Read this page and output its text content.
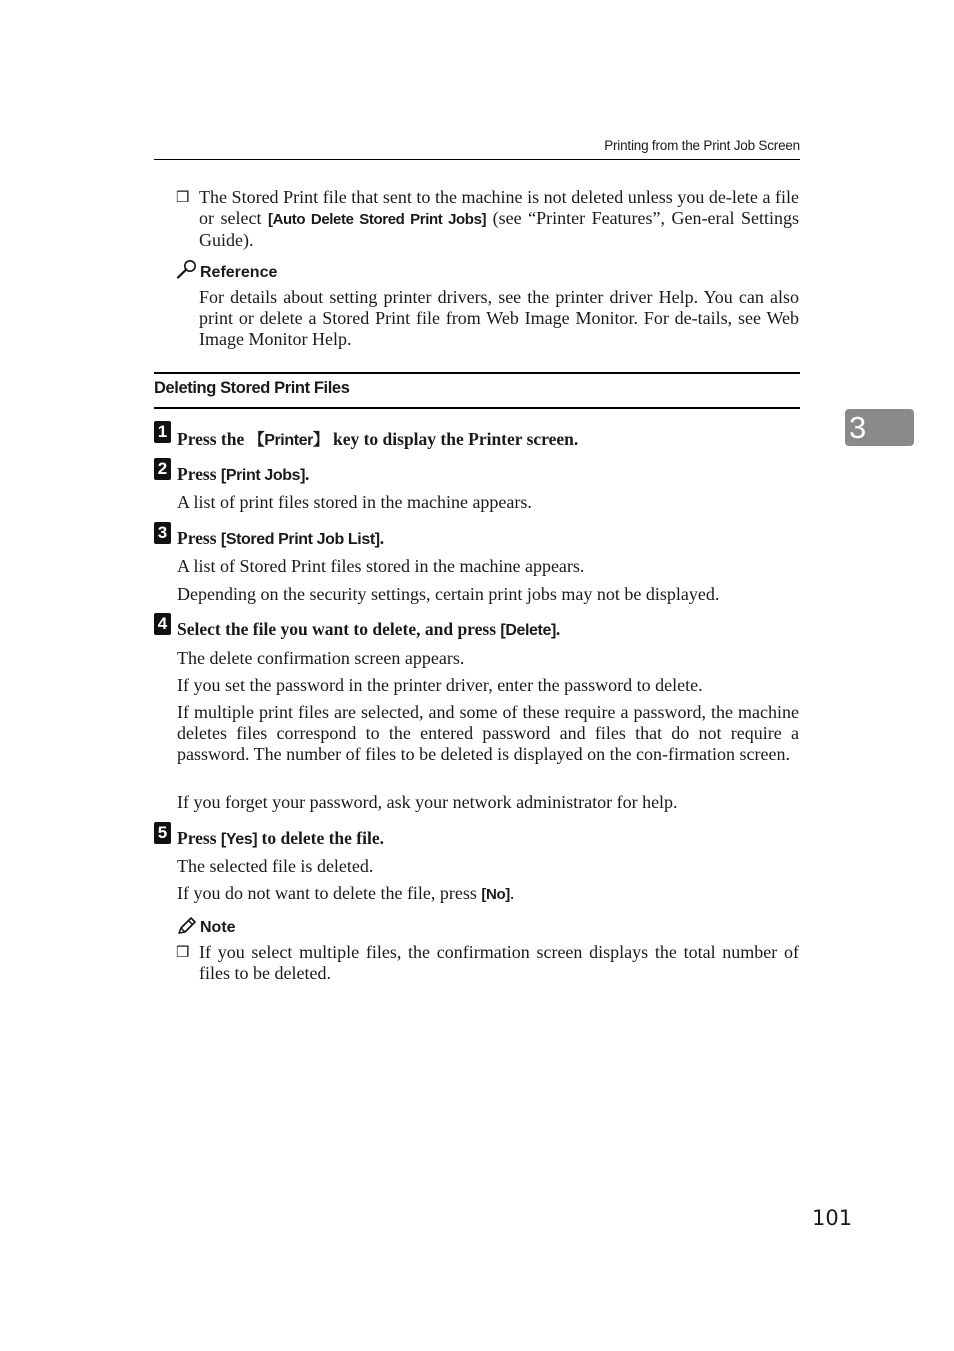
Printing from the Print Job Screen
❒ The Stored Print file that sent to the machine is not deleted unless you de-lete a file or select [Auto Delete Stored Print Jobs] (see “Printer Features”, Gen-eral Settings Guide).
Reference
For details about setting printer drivers, see the printer driver Help. You can also print or delete a Stored Print file from Web Image Monitor. For de-tails, see Web Image Monitor Help.
Deleting Stored Print Files
3
1 Press the 【Printer】 key to display the Printer screen.
2 Press [Print Jobs].
A list of print files stored in the machine appears.
3 Press [Stored Print Job List].
A list of Stored Print files stored in the machine appears.
Depending on the security settings, certain print jobs may not be displayed.
4 Select the file you want to delete, and press [Delete].
The delete confirmation screen appears.
If you set the password in the printer driver, enter the password to delete.
If multiple print files are selected, and some of these require a password, the machine deletes files correspond to the entered password and files that do not require a password. The number of files to be deleted is displayed on the con-firmation screen.
If you forget your password, ask your network administrator for help.
5 Press [Yes] to delete the file.
The selected file is deleted.
If you do not want to delete the file, press [No].
Note
❒ If you select multiple files, the confirmation screen displays the total number of files to be deleted.
101
